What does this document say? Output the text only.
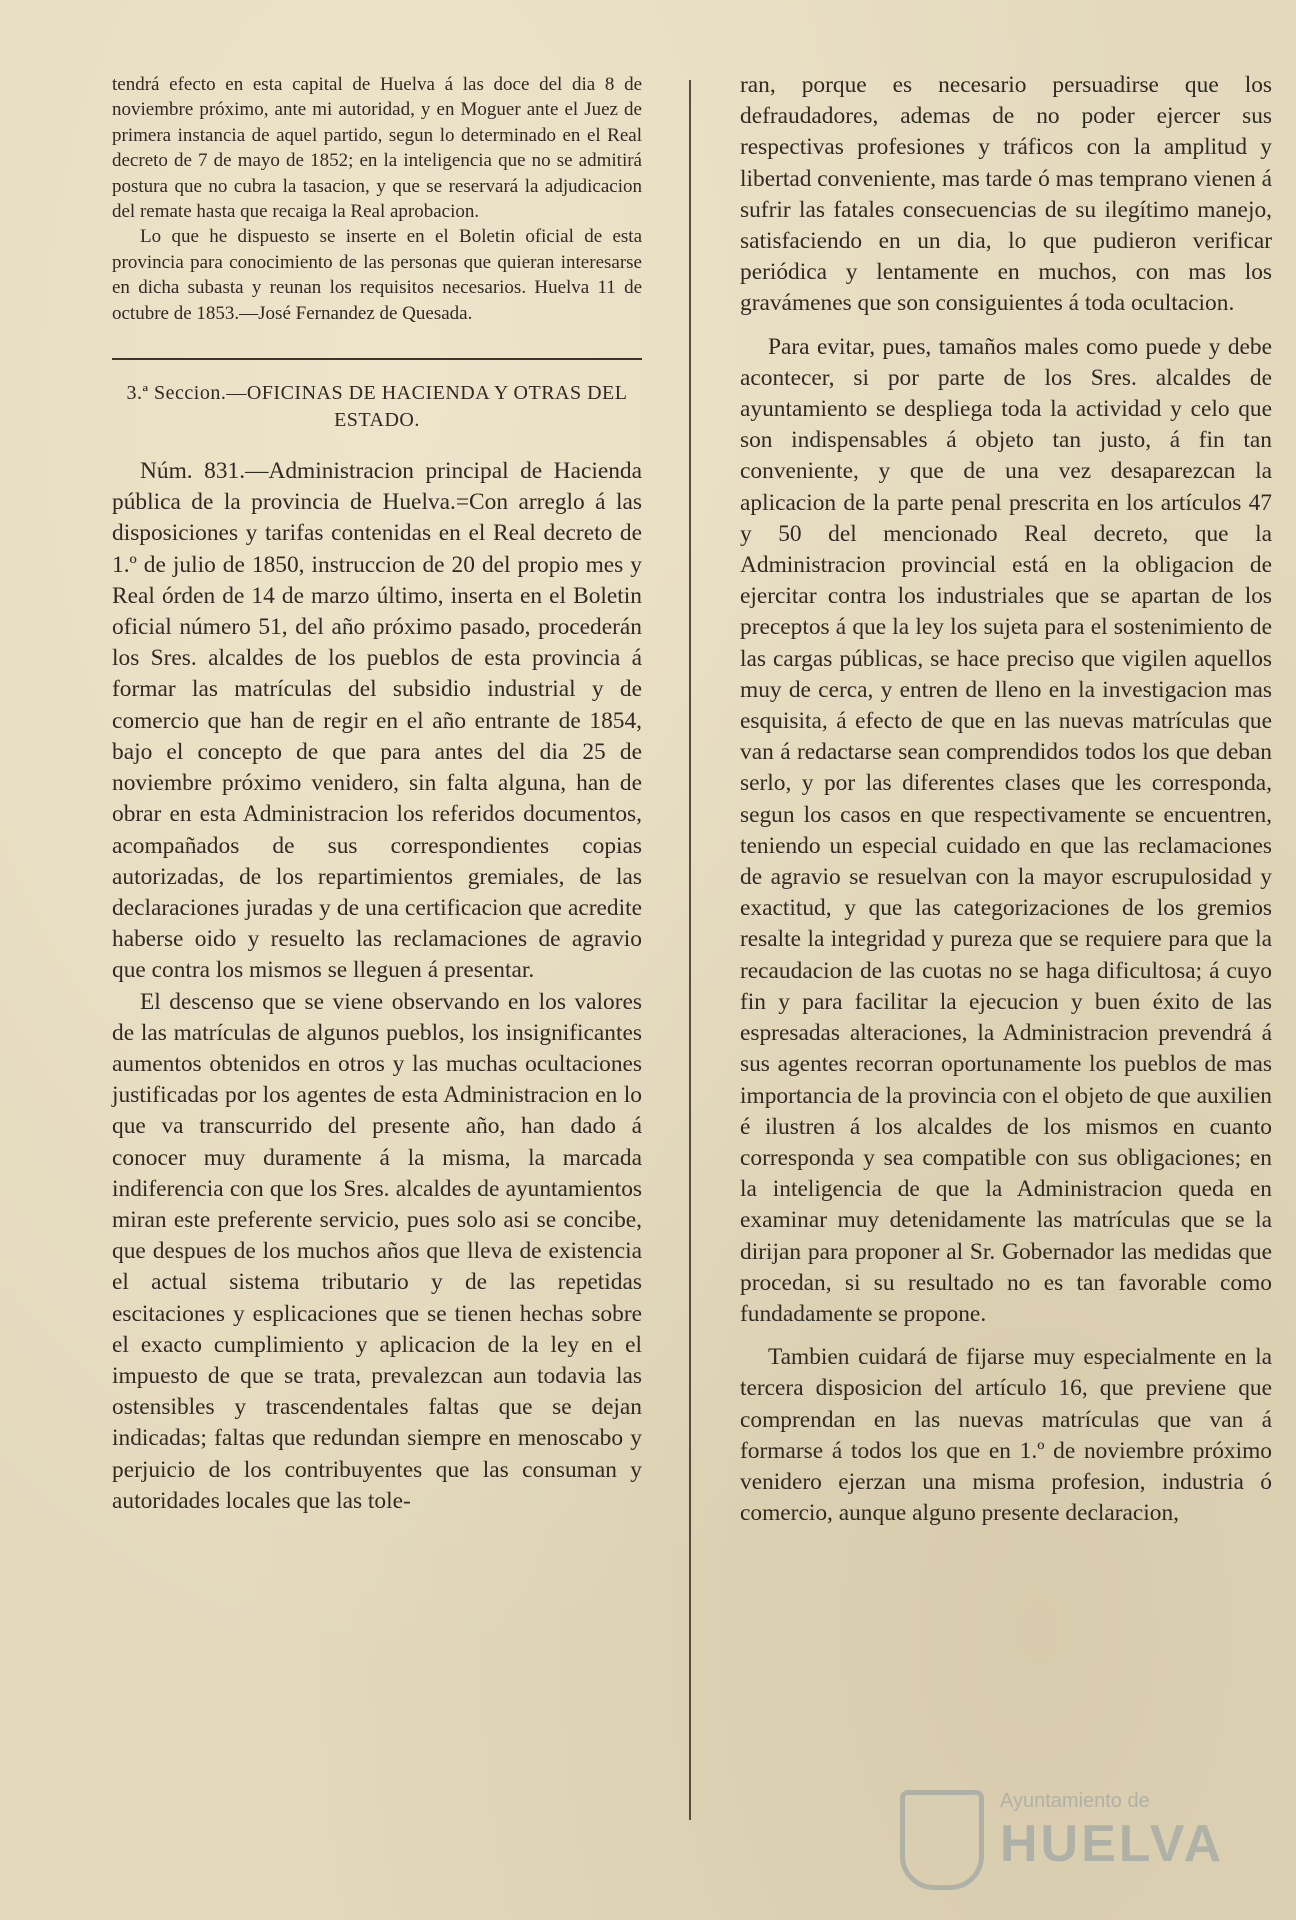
tendrá efecto en esta capital de Huelva á las doce del dia 8 de noviembre próximo, ante mi autoridad, y en Moguer ante el Juez de primera instancia de aquel partido, segun lo determinado en el Real decreto de 7 de mayo de 1852; en la inteligencia que no se admitirá postura que no cubra la tasacion, y que se reservará la adjudicacion del remate hasta que recaiga la Real aprobacion.

Lo que he dispuesto se inserte en el Boletin oficial de esta provincia para conocimiento de las personas que quieran interesarse en dicha subasta y reunan los requisitos necesarios. Huelva 11 de octubre de 1853.—José Fernandez de Quesada.

3.ª Seccion.—OFICINAS DE HACIENDA Y OTRAS DEL ESTADO.

Núm. 831.—Administracion principal de Hacienda pública de la provincia de Huelva.=Con arreglo á las disposiciones y tarifas contenidas en el Real decreto de 1.º de julio de 1850, instruccion de 20 del propio mes y Real órden de 14 de marzo último, inserta en el Boletin oficial número 51, del año próximo pasado, procederán los Sres. alcaldes de los pueblos de esta provincia á formar las matrículas del subsidio industrial y de comercio que han de regir en el año entrante de 1854, bajo el concepto de que para antes del dia 25 de noviembre próximo venidero, sin falta alguna, han de obrar en esta Administracion los referidos documentos, acompañados de sus correspondientes copias autorizadas, de los repartimientos gremiales, de las declaraciones juradas y de una certificacion que acredite haberse oido y resuelto las reclamaciones de agravio que contra los mismos se lleguen á presentar.

El descenso que se viene observando en los valores de las matrículas de algunos pueblos, los insignificantes aumentos obtenidos en otros y las muchas ocultaciones justificadas por los agentes de esta Administracion en lo que va transcurrido del presente año, han dado á conocer muy duramente á la misma, la marcada indiferencia con que los Sres. alcaldes de ayuntamientos miran este preferente servicio, pues solo asi se concibe, que despues de los muchos años que lleva de existencia el actual sistema tributario y de las repetidas escitaciones y esplicaciones que se tienen hechas sobre el exacto cumplimiento y aplicacion de la ley en el impuesto de que se trata, prevalezcan aun todavia las ostensibles y trascendentales faltas que se dejan indicadas; faltas que redundan siempre en menoscabo y perjuicio de los contribuyentes que las consuman y autoridades locales que las tole-

ran, porque es necesario persuadirse que los defraudadores, ademas de no poder ejercer sus respectivas profesiones y tráficos con la amplitud y libertad conveniente, mas tarde ó mas temprano vienen á sufrir las fatales consecuencias de su ilegítimo manejo, satisfaciendo en un dia, lo que pudieron verificar periódica y lentamente en muchos, con mas los gravámenes que son consiguientes á toda ocultacion.

Para evitar, pues, tamaños males como puede y debe acontecer, si por parte de los Sres. alcaldes de ayuntamiento se despliega toda la actividad y celo que son indispensables á objeto tan justo, á fin tan conveniente, y que de una vez desaparezcan la aplicacion de la parte penal prescrita en los artículos 47 y 50 del mencionado Real decreto, que la Administracion provincial está en la obligacion de ejercitar contra los industriales que se apartan de los preceptos á que la ley los sujeta para el sostenimiento de las cargas públicas, se hace preciso que vigilen aquellos muy de cerca, y entren de lleno en la investigacion mas esquisita, á efecto de que en las nuevas matrículas que van á redactarse sean comprendidos todos los que deban serlo, y por las diferentes clases que les corresponda, segun los casos en que respectivamente se encuentren, teniendo un especial cuidado en que las reclamaciones de agravio se resuelvan con la mayor escrupulosidad y exactitud, y que las categorizaciones de los gremios resalte la integridad y pureza que se requiere para que la recaudacion de las cuotas no se haga dificultosa; á cuyo fin y para facilitar la ejecucion y buen éxito de las espresadas alteraciones, la Administracion prevendrá á sus agentes recorran oportunamente los pueblos de mas importancia de la provincia con el objeto de que auxilien é ilustren á los alcaldes de los mismos en cuanto corresponda y sea compatible con sus obligaciones; en la inteligencia de que la Administracion queda en examinar muy detenidamente las matrículas que se la dirijan para proponer al Sr. Gobernador las medidas que procedan, si su resultado no es tan favorable como fundadamente se propone.

Tambien cuidará de fijarse muy especialmente en la tercera disposicion del artículo 16, que previene que comprendan en las nuevas matrículas que van á formarse á todos los que en 1.º de noviembre próximo venidero ejerzan una misma profesion, industria ó comercio, aunque alguno presente declaracion,

Ayuntamiento de
HUELVA
